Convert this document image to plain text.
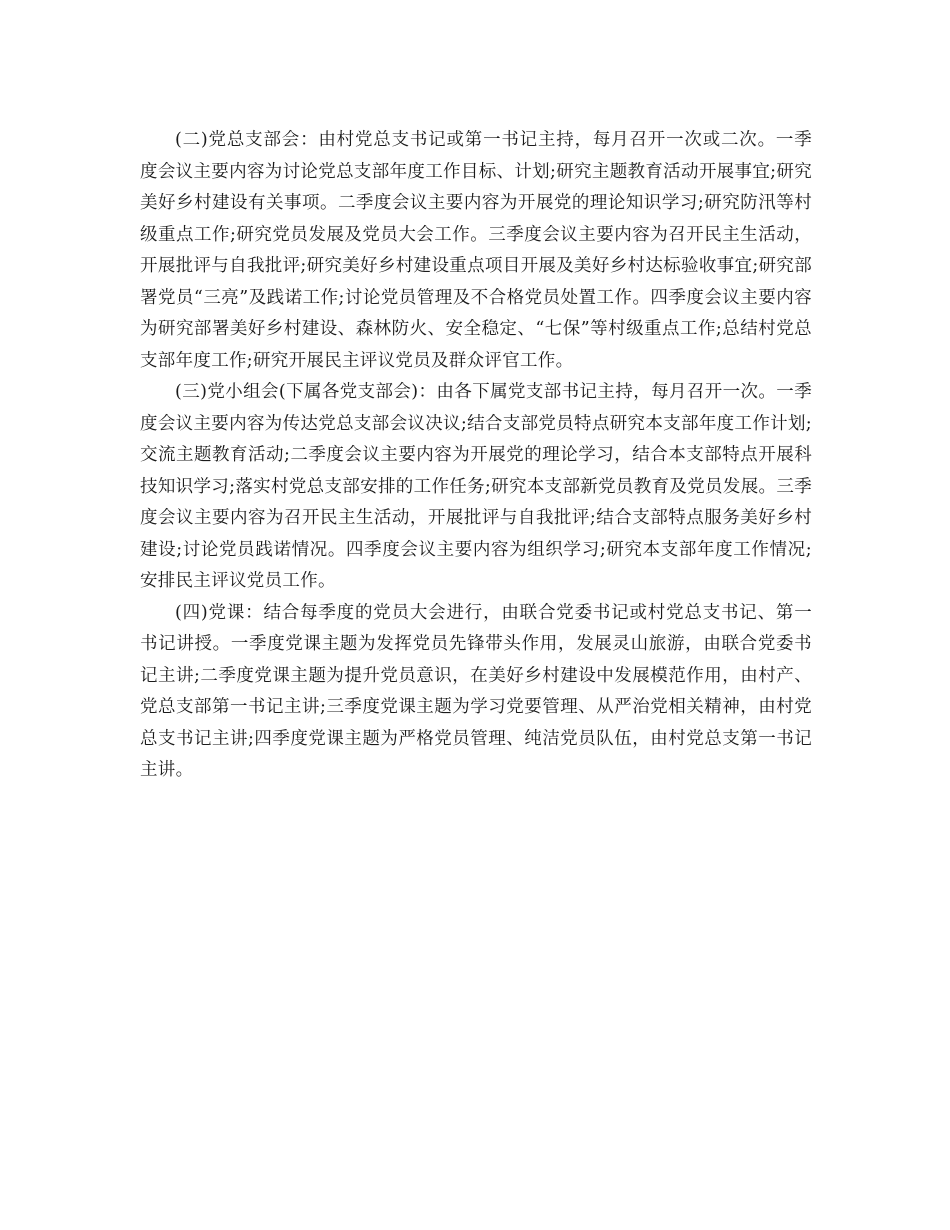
(二)党总支部会：由村党总支书记或第一书记主持，每月召开一次或二次。一季度会议主要内容为讨论党总支部年度工作目标、计划;研究主题教育活动开展事宜;研究美好乡村建设有关事项。二季度会议主要内容为开展党的理论知识学习;研究防汛等村级重点工作;研究党员发展及党员大会工作。三季度会议主要内容为召开民主生活动，开展批评与自我批评;研究美好乡村建设重点项目开展及美好乡村达标验收事宜;研究部署党员“三亮”及践诺工作;讨论党员管理及不合格党员处置工作。四季度会议主要内容为研究部署美好乡村建设、森林防火、安全稳定、“七保”等村级重点工作;总结村党总支部年度工作;研究开展民主评议党员及群众评官工作。

(三)党小组会(下属各党支部会)：由各下属党支部书记主持，每月召开一次。一季度会议主要内容为传达党总支部会议决议;结合支部党员特点研究本支部年度工作计划;交流主题教育活动;二季度会议主要内容为开展党的理论学习，结合本支部特点开展科技知识学习;落实村党总支部安排的工作任务;研究本支部新党员教育及党员发展。三季度会议主要内容为召开民主生活动，开展批评与自我批评;结合支部特点服务美好乡村建设;讨论党员践诺情况。四季度会议主要内容为组织学习;研究本支部年度工作情况;安排民主评议党员工作。

(四)党课：结合每季度的党员大会进行，由联合党委书记或村党总支书记、第一书记讲授。一季度党课主题为发挥党员先锋带头作用，发展灵山旅游，由联合党委书记主讲;二季度党课主题为提升党员意识，在美好乡村建设中发展模范作用，由村产、党总支部第一书记主讲;三季度党课主题为学习党要管理、从严治党相关精神，由村党总支书记主讲;四季度党课主题为严格党员管理、纯洁党员队伍，由村党总支第一书记主讲。
